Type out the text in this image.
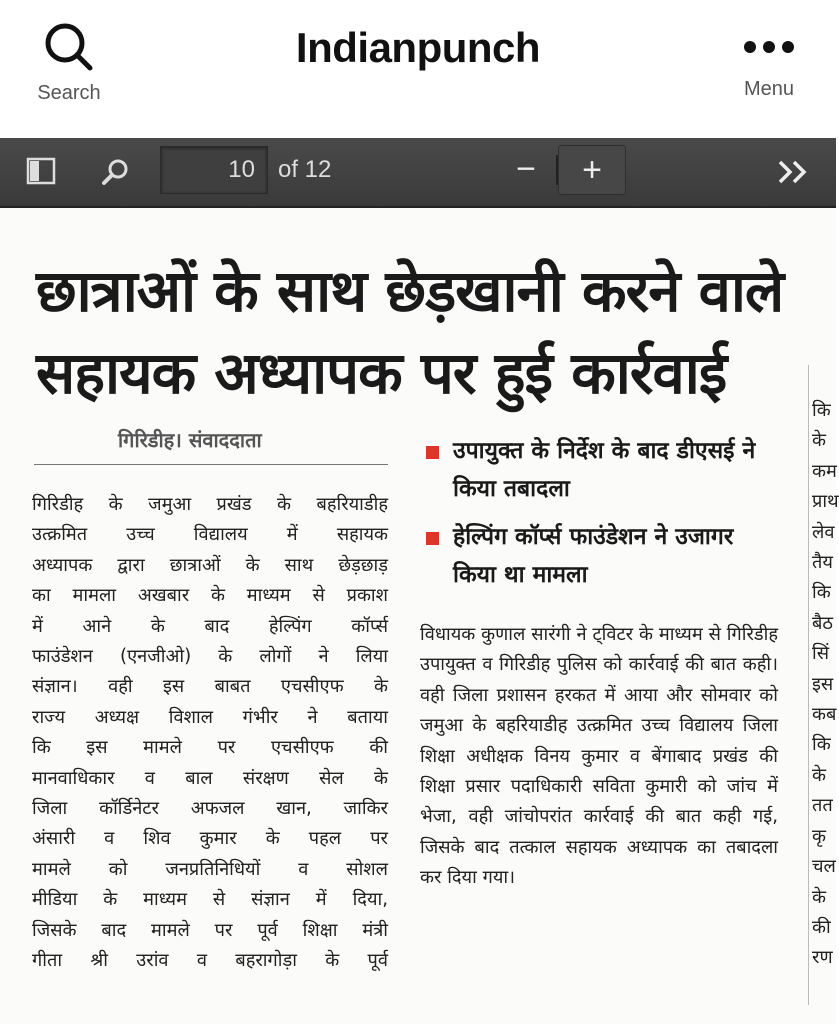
Search
Indianpunch
Menu
10 of 12	−	+
छात्राओं के साथ छेड़खानी करने वाले सहायक अध्यापक पर हुई कार्रवाई
गिरिडीह। संवाददाता
गिरिडीह के जमुआ प्रखंड के बहरियाडीह
उत्क्रमित उच्च विद्यालय में सहायक
अध्यापक द्वारा छात्राओं के साथ छेड़छाड़
का मामला अखबार के माध्यम से प्रकाश
में आने के बाद हेल्पिंग कॉर्प्स
फाउंडेशन (एनजीओ) के लोगों ने लिया
संज्ञान। वही इस बाबत एचसीएफ के
राज्य अध्यक्ष विशाल गंभीर ने बताया
कि इस मामले पर एचसीएफ की
मानवाधिकार व बाल संरक्षण सेल के
जिला कॉर्डिनेटर अफजल खान, जाकिर
अंसारी व शिव कुमार के पहल पर
मामले को जनप्रतिनिधियों व सोशल
मीडिया के माध्यम से संज्ञान में दिया,
जिसके बाद मामले पर पूर्व शिक्षा मंत्री
गीता श्री उरांव व बहरागोड़ा के पूर्व
उपायुक्त के निर्देश के बाद डीएसई ने किया तबादला
हेल्पिंग कॉर्प्स फाउंडेशन ने उजागर किया था मामला
विधायक कुणाल सारंगी ने ट्विटर के माध्यम से गिरिडीह उपायुक्त व गिरिडीह पुलिस को कार्रवाई की बात कही। वही जिला प्रशासन हरकत में आया और सोमवार को जमुआ के बहरियाडीह उत्क्रमित उच्च विद्यालय जिला शिक्षा अधीक्षक विनय कुमार व बेंगाबाद प्रखंड की शिक्षा प्रसार पदाधिकारी सविता कुमारी को जांच में भेजा, वही जांचोपरांत कार्रवाई की बात कही गई, जिसके बाद तत्काल सहायक अध्यापक का तबादला कर दिया गया।
कि
के
कम
प्राथ
लेव
तैय
कि
बैठ
सिं
इस
कब
कि
के
तत
कृ
चल
के
की
रण
